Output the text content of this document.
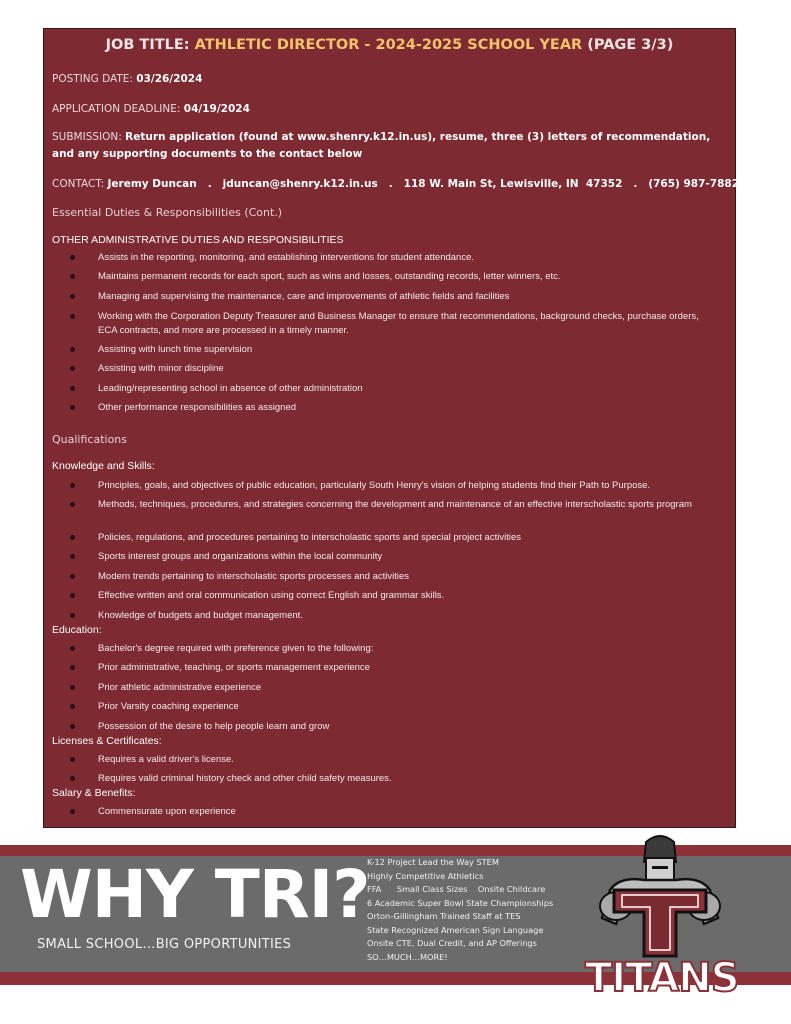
JOB TITLE: ATHLETIC DIRECTOR - 2024-2025 SCHOOL YEAR (PAGE 3/3)
POSTING DATE: 03/26/2024
APPLICATION DEADLINE: 04/19/2024
SUBMISSION: Return application (found at www.shenry.k12.in.us), resume, three (3) letters of recommendation, and any supporting documents to the contact below
CONTACT: Jeremy Duncan   .   jduncan@shenry.k12.in.us   .   118 W. Main St, Lewisville, IN  47352   .   (765) 987-7882
Essential Duties & Responsibilities (Cont.)
OTHER ADMINISTRATIVE DUTIES AND RESPONSIBILITIES
Assists in the reporting, monitoring, and establishing interventions for student attendance.
Maintains permanent records for each sport, such as wins and losses, outstanding records, letter winners, etc.
Managing and supervising the maintenance, care and improvements of athletic fields and facilities
Working with the Corporation Deputy Treasurer and Business Manager to ensure that recommendations, background checks, purchase orders, ECA contracts, and more are processed in a timely manner.
Assisting with lunch time supervision
Assisting with minor discipline
Leading/representing school in absence of other administration
Other performance responsibilities as assigned
Qualifications
Knowledge and Skills:
Principles, goals, and objectives of public education, particularly South Henry's vision of helping students find their Path to Purpose.
Methods, techniques, procedures, and strategies concerning the development and maintenance of an effective interscholastic sports program
Policies, regulations, and procedures pertaining to interscholastic sports and special project activities
Sports interest groups and organizations within the local community
Modern trends pertaining to interscholastic sports processes and activities
Effective written and oral communication using correct English and grammar skills.
Knowledge of budgets and budget management.
Education:
Bachelor's degree required with preference given to the following:
Prior administrative, teaching, or sports management experience
Prior athletic administrative experience
Prior Varsity coaching experience
Possession of the desire to help people learn and grow
Licenses & Certificates:
Requires a valid driver's license.
Requires valid criminal history check and other child safety measures.
Salary & Benefits:
Commensurate upon experience
WHY TRI?
SMALL SCHOOL…BIG OPPORTUNITIES
K-12 Project Lead the Way STEM
Highly Competitive Athletics
FFA      Small Class Sizes    Onsite Childcare
6 Academic Super Bowl State Championships
Orton-Gillingham Trained Staff at TES
State Recognized American Sign Language
Onsite CTE, Dual Credit, and AP Offerings
SO…MUCH…MORE!	TITANS
